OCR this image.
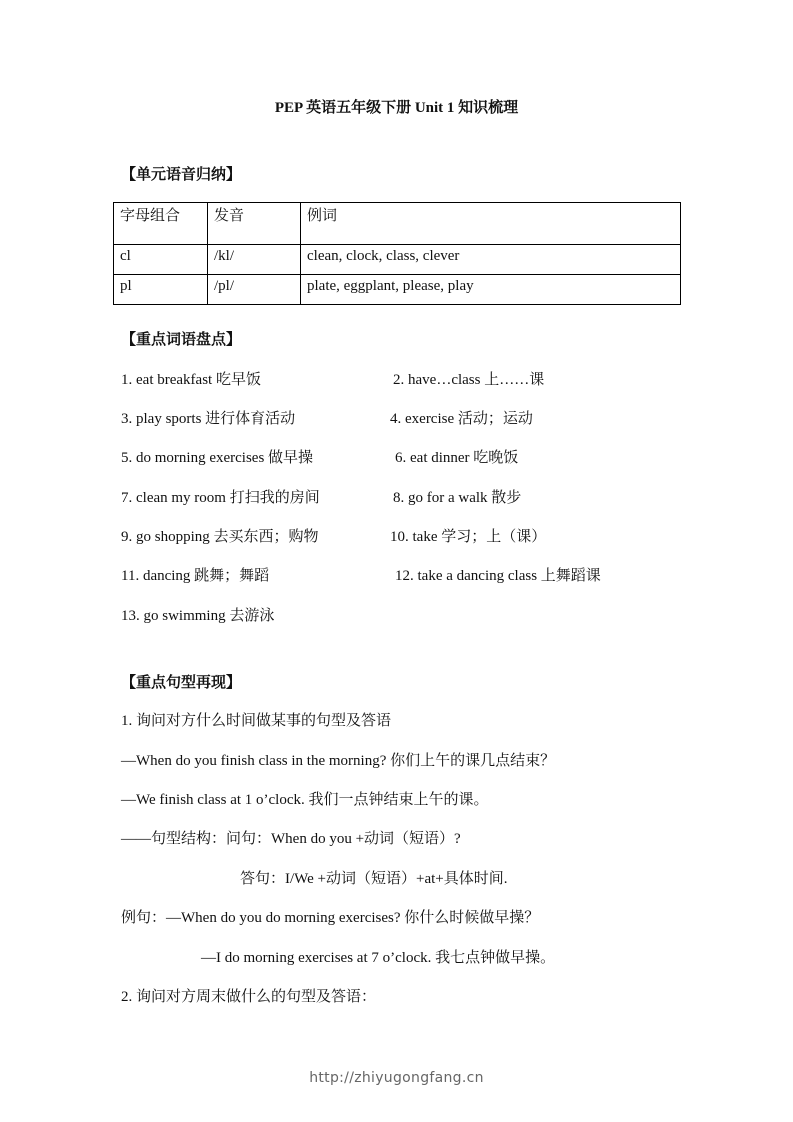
PEP 英语五年级下册 Unit 1 知识梳理
【单元语音归纳】
字母组合	发音	例词
cl	/kl/	clean, clock, class, clever
pl	/pl/	plate, eggplant, please, play
【重点词语盘点】
1. eat breakfast 吃早饭	2. have…class 上……课
3. play sports 进行体育活动	4. exercise 活动；运动
5. do morning exercises 做早操	6. eat dinner 吃晚饭
7. clean my room 打扫我的房间	8. go for a walk 散步
9. go shopping 去买东西；购物	10. take 学习；上（课）
11. dancing 跳舞；舞蹈	12. take a dancing class 上舞蹈课
13. go swimming 去游泳
【重点句型再现】
1. 询问对方什么时间做某事的句型及答语
—When do you finish class in the morning? 你们上午的课几点结束？
—We finish class at 1 o’clock. 我们一点钟结束上午的课。
——句型结构：问句：When do you +动词（短语）?
答句：I/We +动词（短语）+at+具体时间.
例句：—When do you do morning exercises? 你什么时候做早操？
—I do morning exercises at 7 o’clock. 我七点钟做早操。
2. 询问对方周末做什么的句型及答语：
http://zhiyugongfang.cn
